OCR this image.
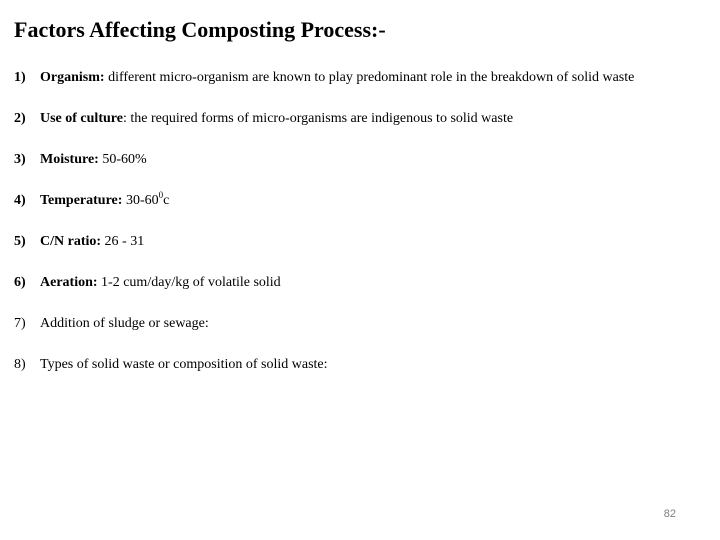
Factors Affecting Composting Process:-
1) Organism: different micro-organism are known to play predominant role in the breakdown of solid waste
2) Use of culture: the required forms of micro-organisms are indigenous to solid waste
3) Moisture: 50-60%
4) Temperature: $30-60^0c$
5) C/N ratio: 26 - 31
6) Aeration: 1-2 cum/day/kg of volatile solid
7) Addition of sludge or sewage:
8) Types of solid waste or composition of solid waste:
82
